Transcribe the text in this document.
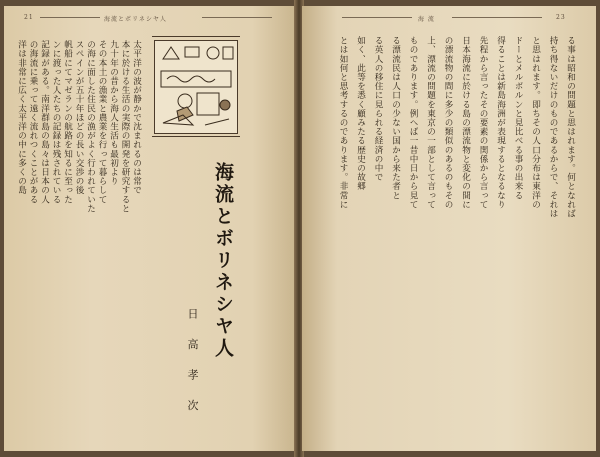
21	海流とボリネシヤ人
太平洋の波が静かで沈まれるのは常で
本に於ける生活の実際の開発を研究すると
九十年の昔から海人生活も最初より
その本土の漁業と農業を行って暮らして
の海に面した住民の漁がよく行われていた
スペインが五十年ほどの長い交渉の後
帆船にてマゼランの航路を知るに至った
ンに渡った人たちの記録は残されている
記録がある。南洋群島の島々は日本の人
の海流に乗って遠く流れつくことがある
洋は非常に広く太平洋の中に多くの島
海流とボリネシヤ人
日 高 孝 次
海 流	23
る事は昭和の問題と思はれます。何となれば
持ち得ないだけのものであるからで、それは
と思はれます。即ちその人口分布は東洋の
ドーとメルボルンと見比べる事の出来る
得ることは新島海洲が表現するとなるなり
先程から言ったその要素の関係から言って
日本海流に於ける島の漂流物と変化の間に
の漂流物の間に多少の類似のあるのもその
上、漂流の問題を東京の一部として言って
ものであります。例へば一昔中日から見て
る漂流民は人口の少ない国から来た者と
る英人の移住に見られる経済の中で
如く、此等を悉く顧みたる歴史の故郷
とは如何と思考するのであります。非常に
